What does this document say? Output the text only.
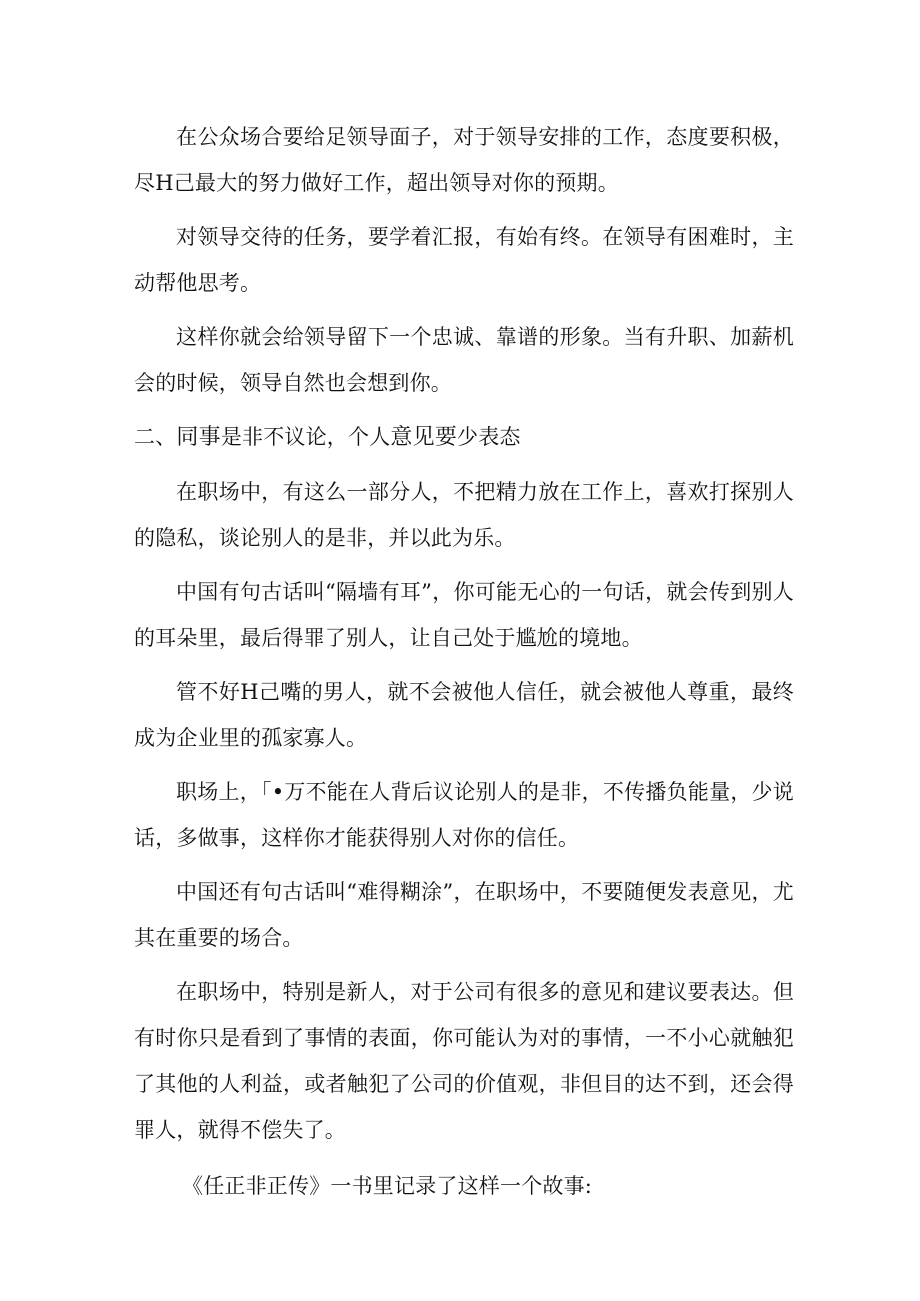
在公众场合要给足领导面子，对于领导安排的工作，态度要积极，尽H己最大的努力做好工作，超出领导对你的预期。

对领导交待的任务，要学着汇报，有始有终。在领导有困难时，主动帮他思考。

这样你就会给领导留下一个忠诚、靠谱的形象。当有升职、加薪机会的时候，领导自然也会想到你。

二、同事是非不议论，个人意见要少表态

在职场中，有这么一部分人，不把精力放在工作上，喜欢打探别人的隐私，谈论别人的是非，并以此为乐。

中国有句古话叫“隔墙有耳”，你可能无心的一句话，就会传到别人的耳朵里，最后得罪了别人，让自己处于尴尬的境地。

管不好H己嘴的男人，就不会被他人信任，就会被他人尊重，最终成为企业里的孤家寡人。

职场上，「•万不能在人背后议论别人的是非，不传播负能量，少说话，多做事，这样你才能获得别人对你的信任。

中国还有句古话叫“难得糊涂”，在职场中，不要随便发表意见，尤其在重要的场合。

在职场中，特别是新人，对于公司有很多的意见和建议要表达。但有时你只是看到了事情的表面，你可能认为对的事情，一不小心就触犯了其他的人利益，或者触犯了公司的价值观，非但目的达不到，还会得罪人，就得不偿失了。

《任正非正传》一书里记录了这样一个故事:
